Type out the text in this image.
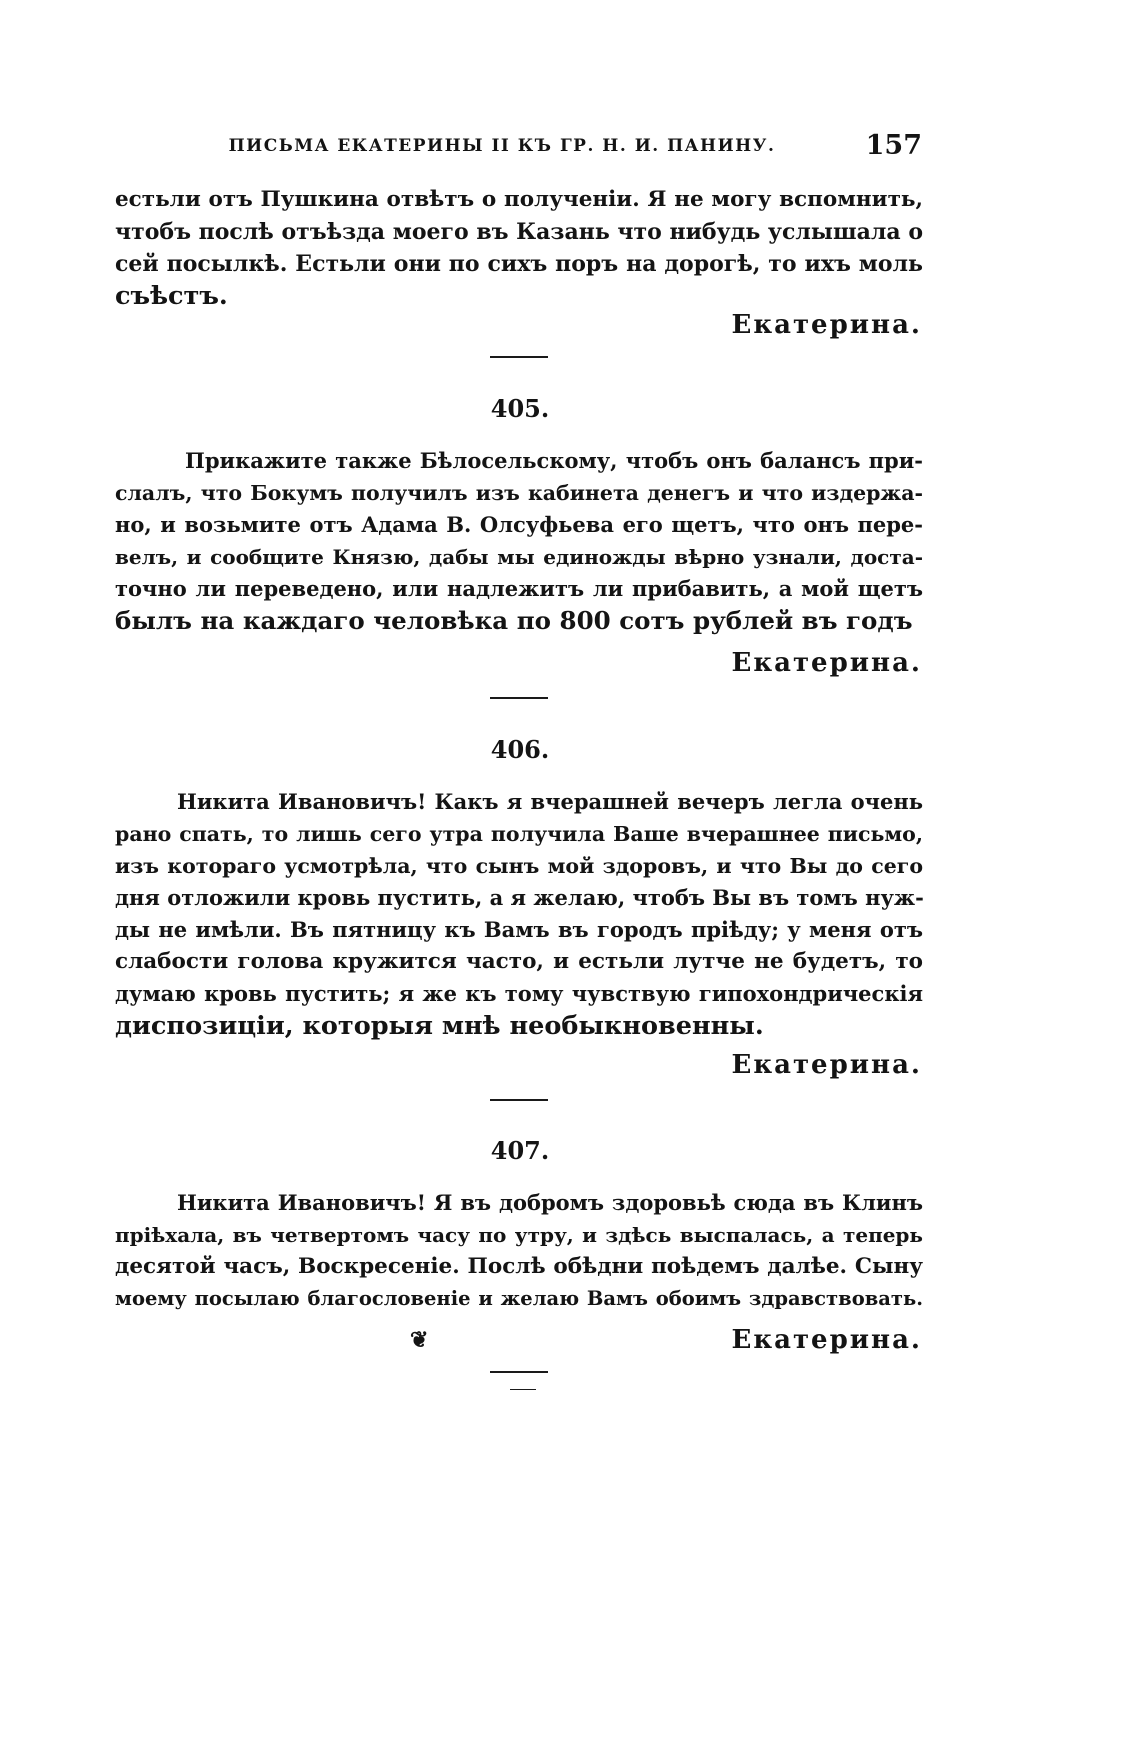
ПИСЬМА ЕКАТЕРИНЫ II КЪ ГР. Н. И. ПАНИНУ.	157
естьли отъ Пушкина отвѣтъ о полученiи. Я не могу вспомнить,
чтобъ послѣ отъѣзда моего въ Казань что нибудь услышала о
сей посылкѣ. Естьли они по сихъ поръ на дорогѣ, то ихъ моль
съѣстъ.
Екатерина.
405.
Прикажите также Бѣлосельскому, чтобъ онъ балансъ при-
слалъ, что Бокумъ получилъ изъ кабинета денегъ и что издержа-
но, и возьмите отъ Адама В. Олсуфьева его щетъ, что онъ пере-
велъ, и сообщите Князю, дабы мы единожды вѣрно узнали, доста-
точно ли переведено, или надлежитъ ли прибавить, а мой щетъ
былъ на каждаго человѣка по 800 сотъ рублей въ годъ
Екатерина.
406.
Никита Ивановичъ! Какъ я вчерашней вечеръ легла очень
рано спать, то лишь сего утра получила Ваше вчерашнее письмо,
изъ котораго усмотрѣла, что сынъ мой здоровъ, и что Вы до сего
дня отложили кровь пустить, а я желаю, чтобъ Вы въ томъ нуж-
ды не имѣли. Въ пятницу къ Вамъ въ городъ прiѣду; у меня отъ
слабости голова кружится часто, и естьли лутче не будетъ, то
думаю кровь пустить; я же къ тому чувствую гипохондрическiя
диспозицiи, которыя мнѣ необыкновенны.
Екатерина.
407.
Никита Ивановичъ! Я въ добромъ здоровьѣ сюда въ Клинъ
прiѣхала, въ четвертомъ часу по утру, и здѣсь выспалась, а теперь
десятой часъ, Воскресенiе. Послѣ обѣдни поѣдемъ далѣе. Сыну
моему посылаю благословенiе и желаю Вамъ обоимъ здравствовать.
❦	Екатерина.
